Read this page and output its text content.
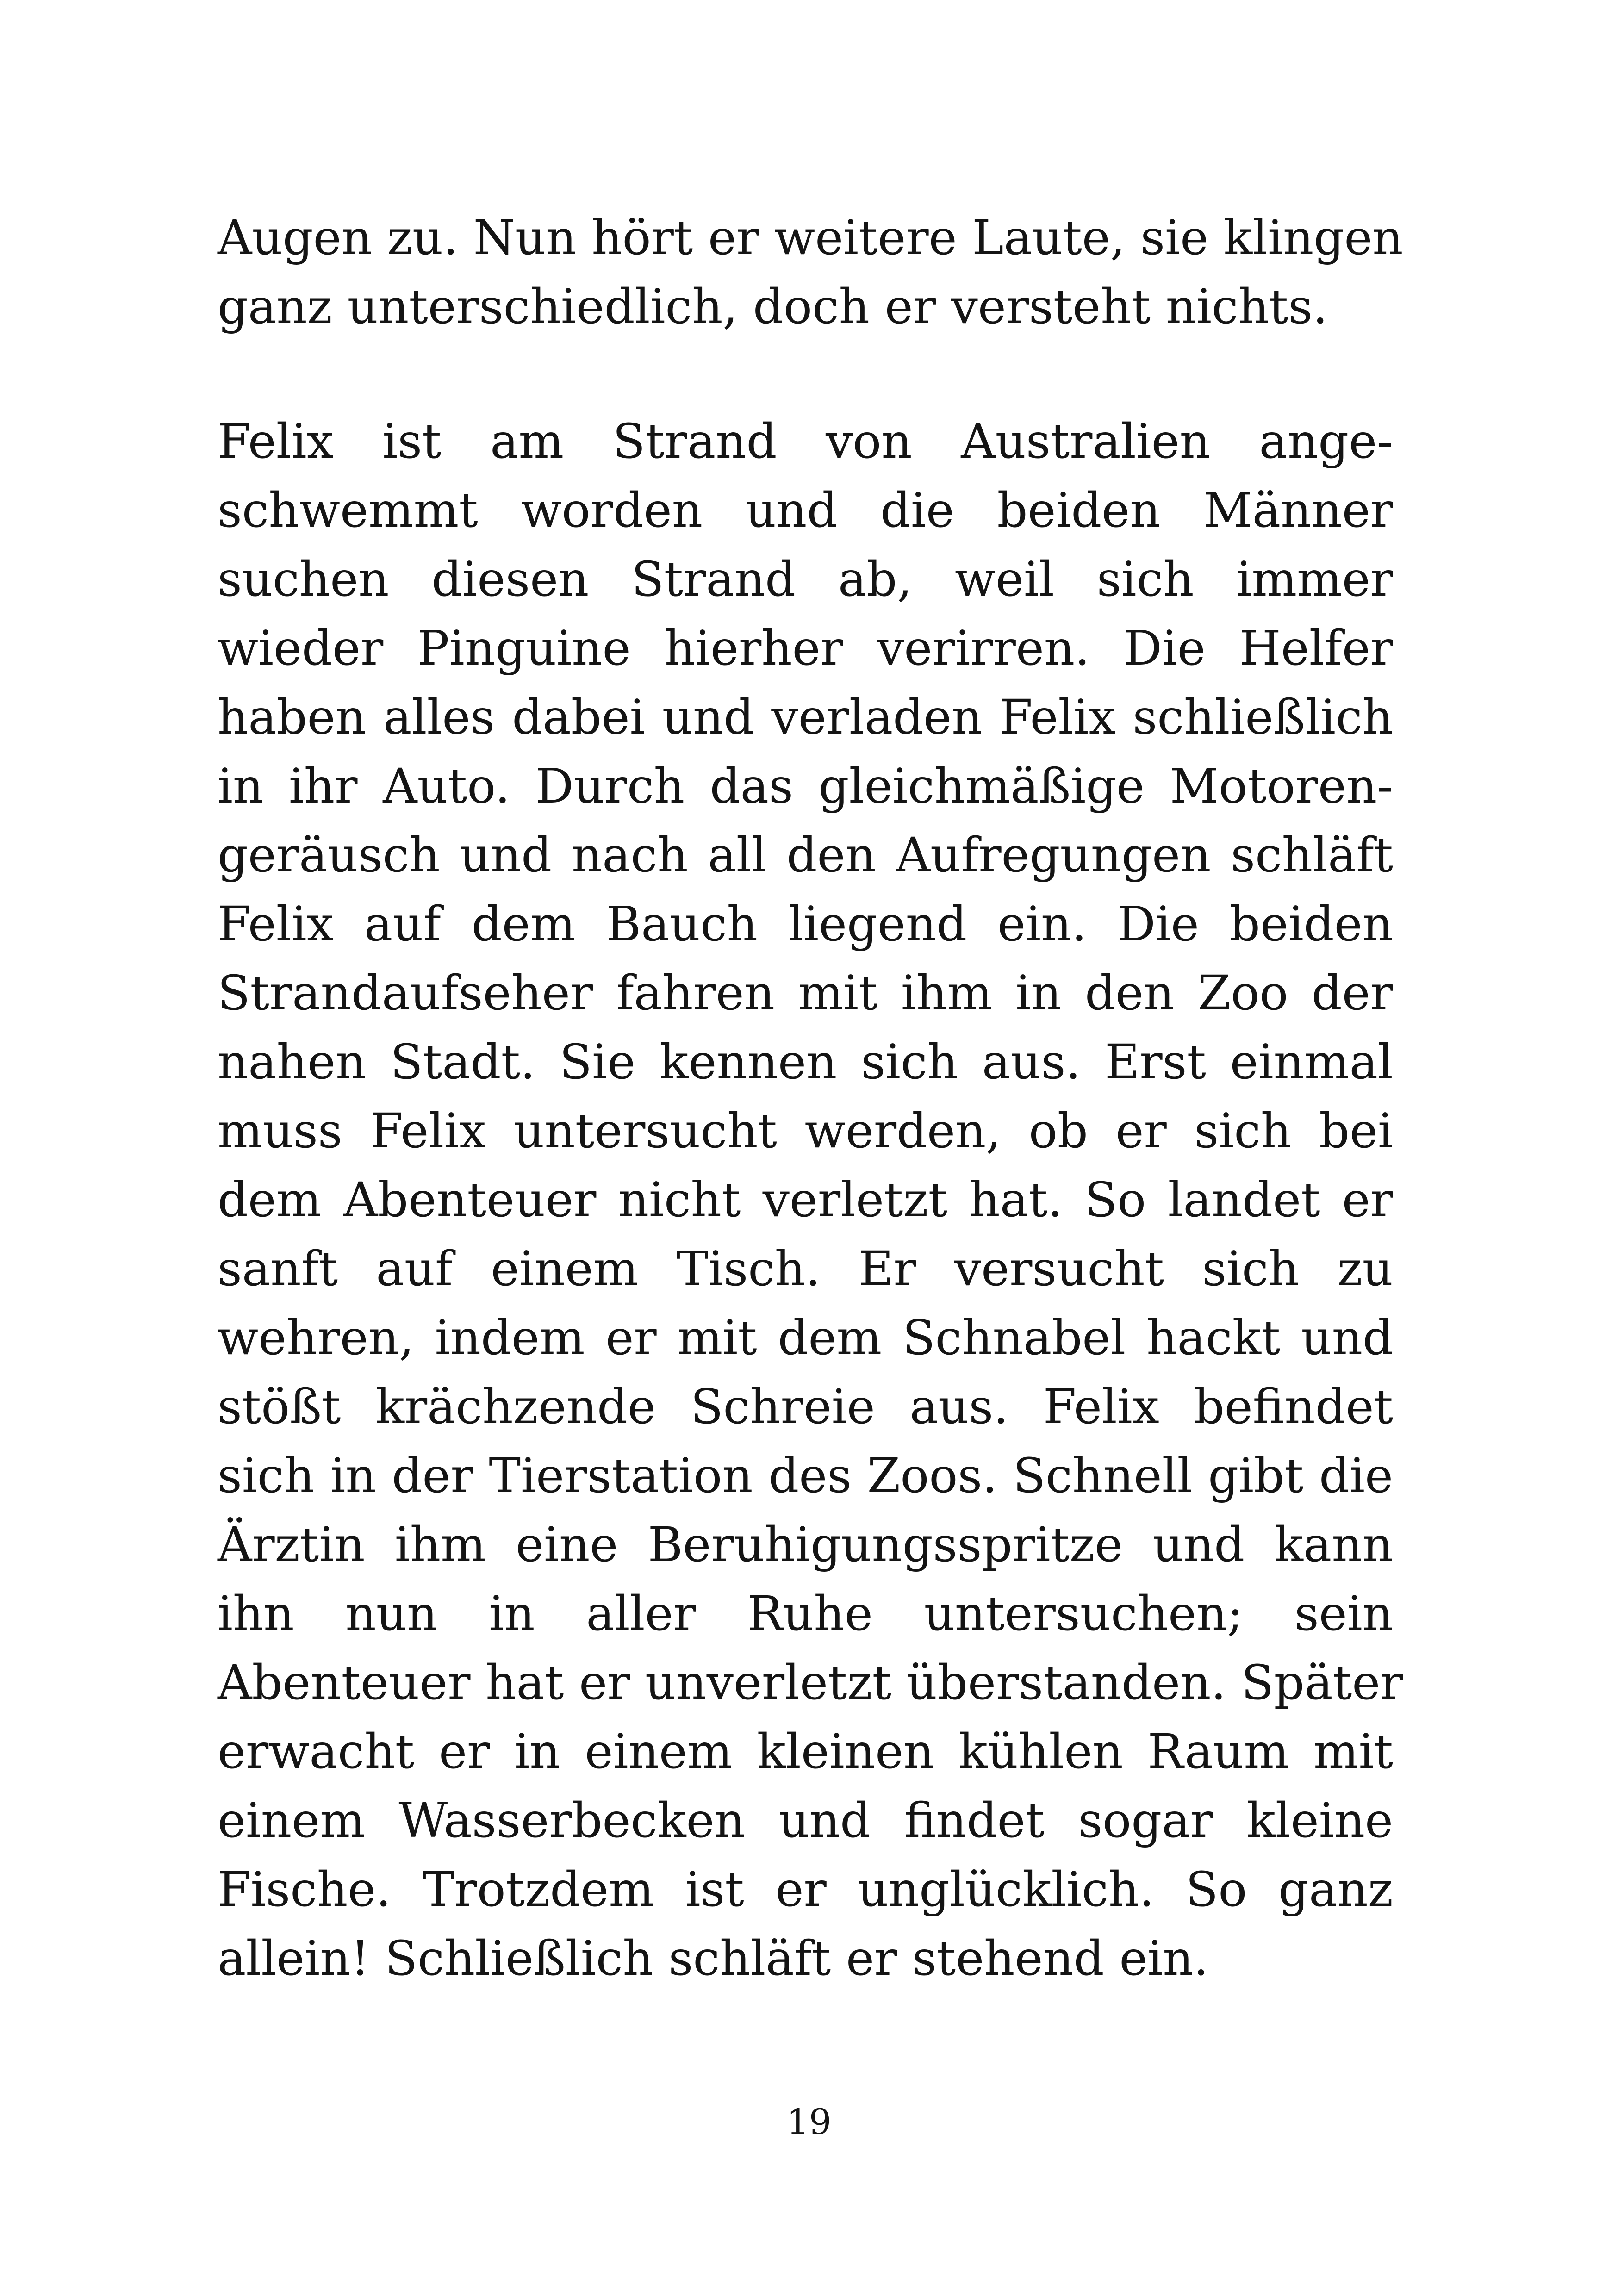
Augen zu. Nun hört er weitere Laute, sie klingen
ganz unterschiedlich, doch er versteht nichts.
Felix ist am Strand von Australien ange-
schwemmt worden und die beiden Männer
suchen diesen Strand ab, weil sich immer
wieder Pinguine hierher verirren. Die Helfer
haben alles dabei und verladen Felix schließlich
in ihr Auto. Durch das gleichmäßige Motoren-
geräusch und nach all den Aufregungen schläft
Felix auf dem Bauch liegend ein. Die beiden
Strandaufseher fahren mit ihm in den Zoo der
nahen Stadt. Sie kennen sich aus. Erst einmal
muss Felix untersucht werden, ob er sich bei
dem Abenteuer nicht verletzt hat. So landet er
sanft auf einem Tisch. Er versucht sich zu
wehren, indem er mit dem Schnabel hackt und
stößt krächzende Schreie aus. Felix befindet
sich in der Tierstation des Zoos. Schnell gibt die
Ärztin ihm eine Beruhigungsspritze und kann
ihn nun in aller Ruhe untersuchen; sein
Abenteuer hat er unverletzt überstanden. Später
erwacht er in einem kleinen kühlen Raum mit
einem Wasserbecken und findet sogar kleine
Fische. Trotzdem ist er unglücklich. So ganz
allein! Schließlich schläft er stehend ein.
19
